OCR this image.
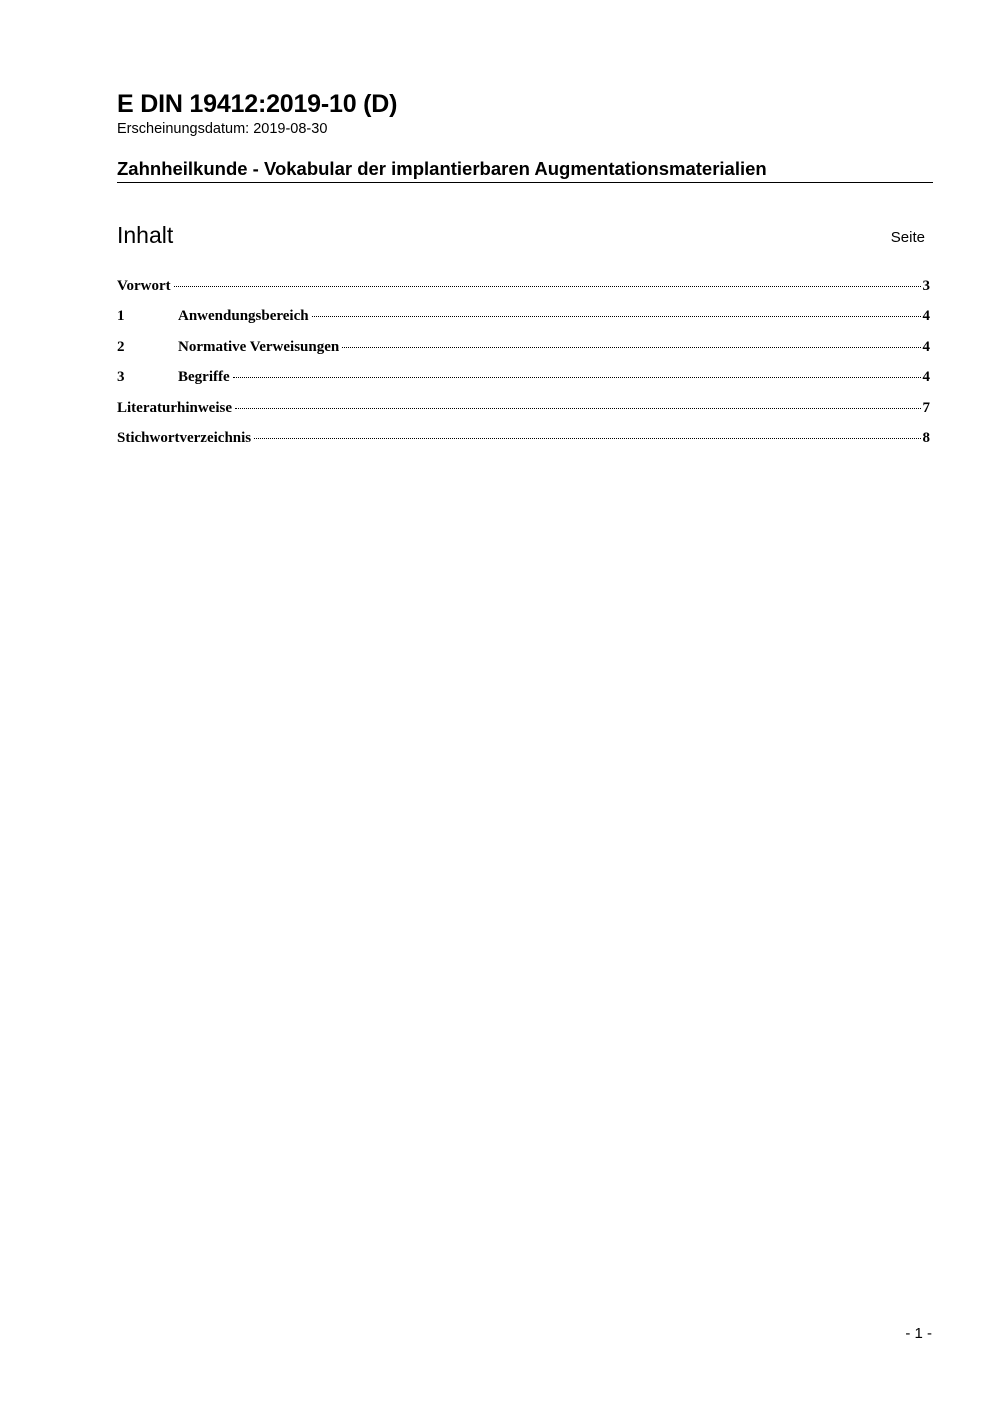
E DIN 19412:2019-10 (D)
Erscheinungsdatum: 2019-08-30
Zahnheilkunde - Vokabular der implantierbaren Augmentationsmaterialien
Inhalt	Seite
Vorwort	3
1	Anwendungsbereich	4
2	Normative Verweisungen	4
3	Begriffe	4
Literaturhinweise	7
Stichwortverzeichnis	8
- 1 -
